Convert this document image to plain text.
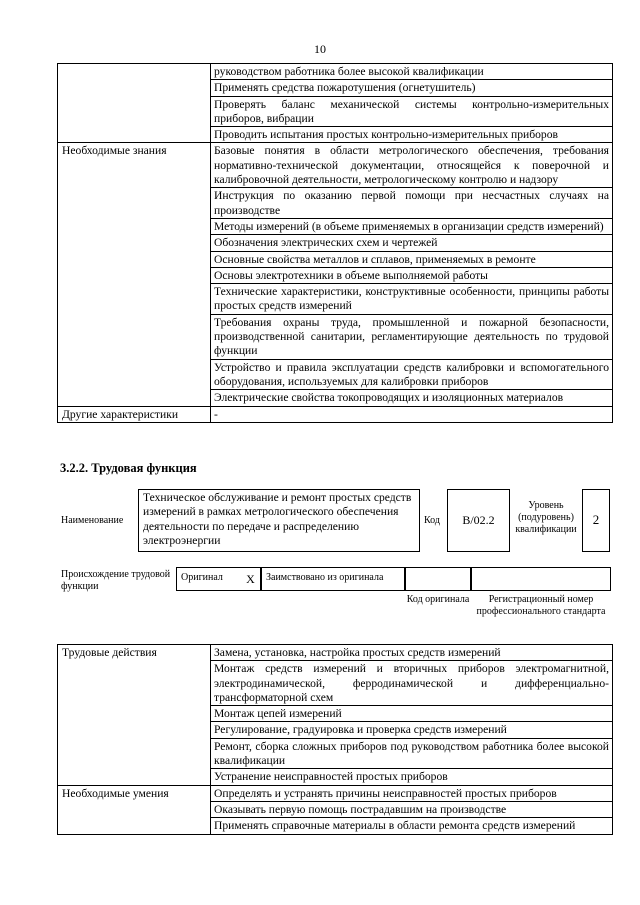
10
	руководством работника более высокой квалификации
	Применять средства пожаротушения (огнетушитель)
	Проверять баланс механической системы контрольно-измерительных приборов, вибрации
	Проводить испытания простых контрольно-измерительных приборов
Необходимые знания	Базовые понятия в области метрологического обеспечения, требования нормативно-технической документации, относящейся к поверочной и калибровочной деятельности, метрологическому контролю и надзору
	Инструкция по оказанию первой помощи при несчастных случаях на производстве
	Методы измерений (в объеме применяемых в организации средств измерений)
	Обозначения электрических схем и чертежей
	Основные свойства металлов и сплавов, применяемых в ремонте
	Основы электротехники в объеме выполняемой работы
	Технические характеристики, конструктивные особенности, принципы работы простых средств измерений
	Требования охраны труда, промышленной и пожарной безопасности, производственной санитарии, регламентирующие деятельность по трудовой функции
	Устройство и правила эксплуатации средств калибровки и вспомогательного оборудования, используемых для калибровки приборов
	Электрические свойства токопроводящих и изоляционных материалов
Другие характеристики	-
3.2.2. Трудовая функция
Наименование
Техническое обслуживание и ремонт простых средств измерений в рамках метрологического обеспечения деятельности по передаче и распределению электроэнергии
Код	В/02.2
Уровень (подуровень) квалификации
2
Происхождение трудовой функции
Оригинал	X	Заимствовано из оригинала
Код оригинала	Регистрационный номер профессионального стандарта
Трудовые действия	Замена, установка, настройка простых средств измерений
	Монтаж средств измерений и вторичных приборов электромагнитной, электродинамической, ферродинамической и дифференциально-трансформаторной схем
	Монтаж цепей измерений
	Регулирование, градуировка и проверка средств измерений
	Ремонт, сборка сложных приборов под руководством работника более высокой квалификации
	Устранение неисправностей простых приборов
Необходимые умения	Определять и устранять причины неисправностей простых приборов
	Оказывать первую помощь пострадавшим на производстве
	Применять справочные материалы в области ремонта средств измерений
